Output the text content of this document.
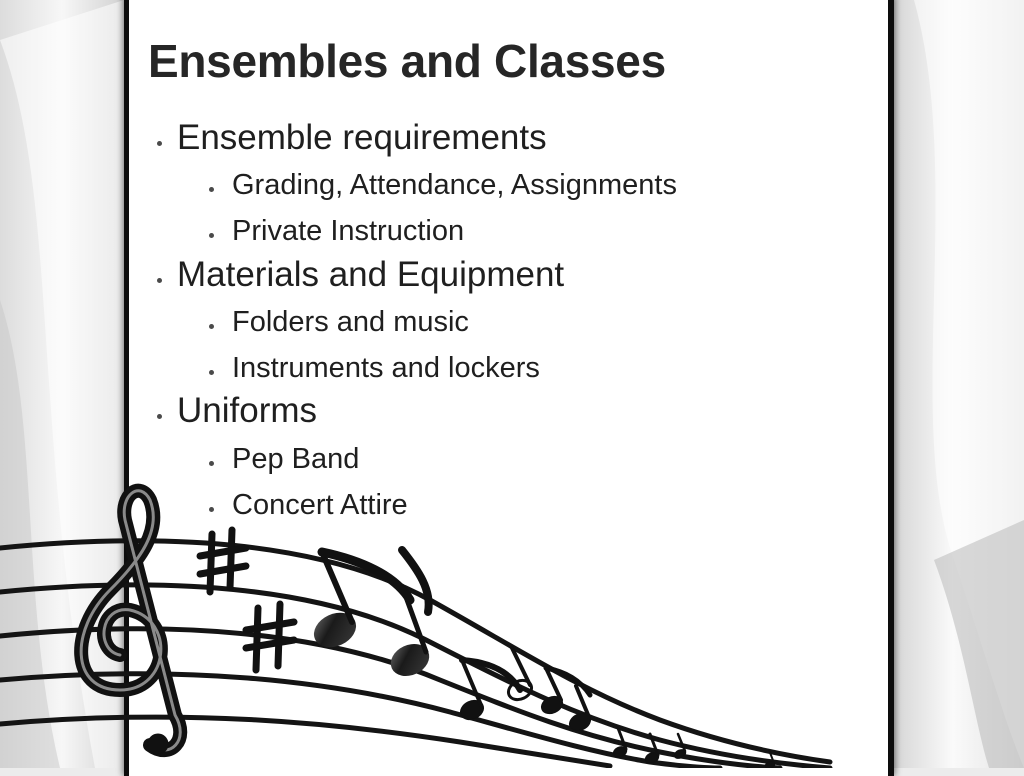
Ensembles and Classes
Ensemble requirements
Grading, Attendance, Assignments
Private Instruction
Materials and Equipment
Folders and music
Instruments and lockers
Uniforms
Pep Band
Concert Attire
